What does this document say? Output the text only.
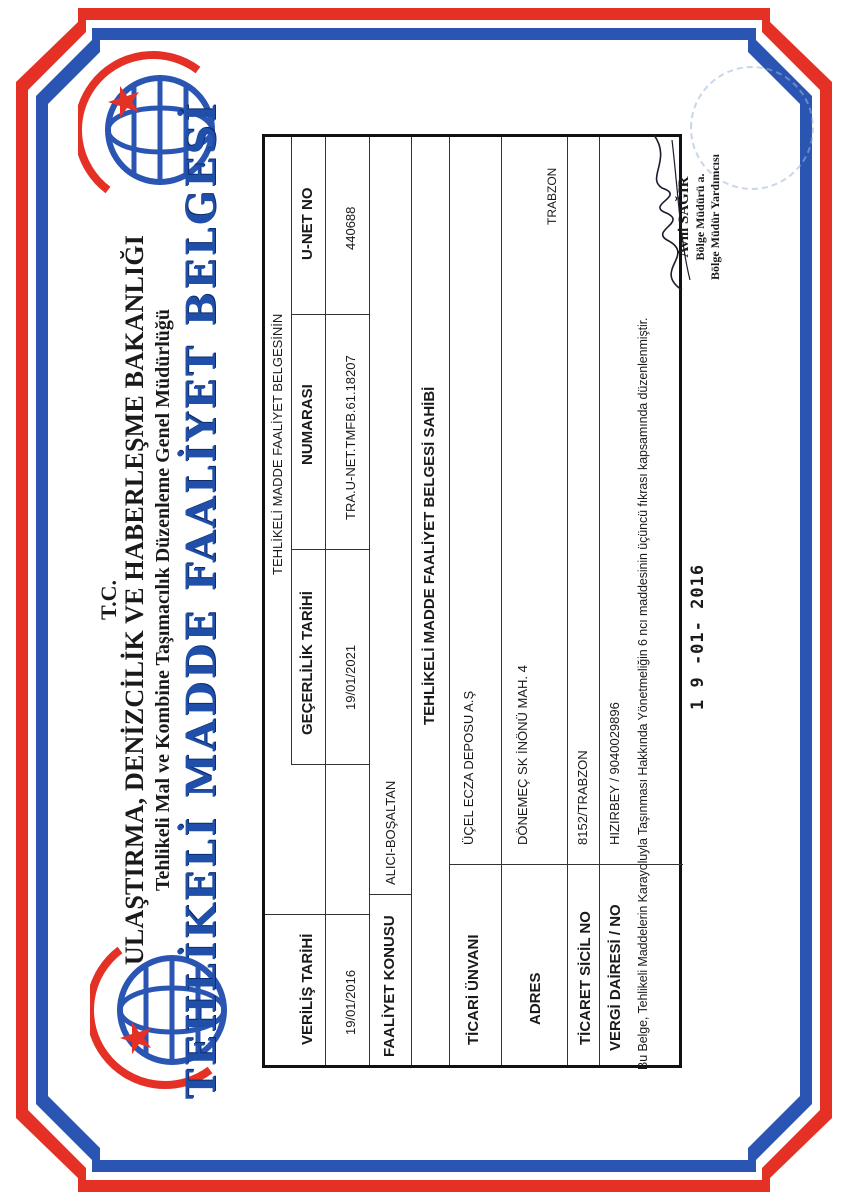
T.C. ULAŞTIRMA, DENİZCİLİK VE HABERLEŞME BAKANLIĞI Tehlikeli Mal ve Kombine Taşımacılık Düzenleme Genel Müdürlüğü TEHLİKELİ MADDE FAALİYET BELGESİ	TEHLİKELİ MADDE FAALİYET BELGESİNİN
VERİLİŞ TARİHİ 19/01/2016
GEÇERLİLİK TARİHİ 19/01/2021
NUMARASI TRA.U-NET.TMFB.61.18207
U-NET NO 440688
FAALİYET KONUSU
ALICI-BOŞALTAN
TEHLİKELİ MADDE FAALİYET BELGESİ SAHİBİ
TİCARİ ÜNVANI
ÜÇEL ECZA DEPOSU A.Ş
ADRES
DÖNEMEÇ SK İNÖNÜ MAH. 4
TRABZON
TİCARET SİCİL NO
8152/TRABZON
VERGİ DAİRESİ / NO
HIZIRBEY / 9040029896 Bu Belge, Tehlikeli Maddelerin Karayoluyla Taşınması Hakkında Yönetmeliğin 6 ncı maddesinin üçüncü fıkrası kapsamında düzenlenmiştir. 1 9 -01- 2016
Avni SAĞIR Bölge Müdürü a. Bölge Müdür Yardımcısı
